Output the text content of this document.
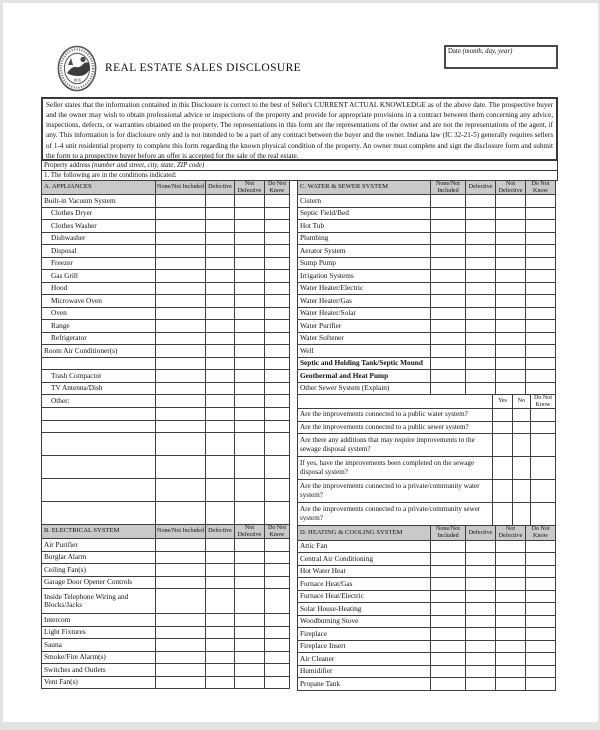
1816
REAL ESTATE SALES DISCLOSURE
Date (month, day, year)
Seller states that the information contained in this Disclosure is correct to the best of Seller's CURRENT ACTUAL KNOWLEDGE as of the above date. The prospective buyer and the owner may wish to obtain professional advice or inspections of the property and provide for appropriate provisions in a contract between them concerning any advice, inspections, defects, or warranties obtained on the property. The representations in this form are the representations of the owner and are not the representations of the agent, if any. This information is for disclosure only and is not intended to be a part of any contract between the buyer and the owner. Indiana law (IC 32-21-5) generally requires sellers of 1-4 unit residential property to complete this form regarding the known physical condition of the property. An owner must complete and sign the disclosure form and submit the form to a prospective buyer before an offer is accepted for the sale of the real estate.
Property address (number and street, city, state, ZIP code)
1. The following are in the conditions indicated:
A. APPLIANCES	None/Not Included	Defective	Not Defective	Do Not Know
Built-in Vacuum System				
Clothes Dryer				
Clothes Washer				
Dishwasher				
Disposal				
Freezer				
Gas Grill				
Hood				
Microwave Oven				
Oven				
Range				
Refrigerator				
Room Air Conditioner(s)				

Trash Compactor				
TV Antenna/Dish				
Other:				

B. ELECTRICAL SYSTEM	None/Not Included	Defective	Not Defective	Do Not Know
Air Purifier				
Burglar Alarm				
Ceiling Fan(s)				
Garage Door Opener Controls				
Inside Telephone Wiring and Blocks/Jacks				
Intercom				
Light Fixtures				
Sauna				
Smoke/Fire Alarm(s)				
Switches and Outlets				
Vent Fan(s)				
C. WATER & SEWER SYSTEM	None/Not Included	Defective	Not Defective	Do Not Know
Cistern				
Septic Field/Bed				
Hot Tub				
Plumbing				
Aerator System				
Sump Pump				
Irrigation Systems				
Water Heater/Electric				
Water Heater/Gas				
Water Heater/Solar				
Water Purifier				
Water Softener				
Well				
Septic and Holding Tank/Septic Mound				
Geothermal and Heat Pump				
Other Sewer System (Explain)				
	Yes	No	Do Not Know
Are the improvements connected to a public water system?			
Are the improvements connected to a public sewer system?			
Are there any additions that may require improvements to the sewage disposal system?			
If yes, have the improvements been completed on the sewage disposal system?			
Are the improvements connected to a private/community water system?			
Are the improvements connected to a private/community sewer system?			
D. HEATING & COOLING SYSTEM	None/Not Included	Defective	Not Defective	Do Not Know
Attic Fan				
Central Air Conditioning				
Hot Water Heat				
Furnace Heat/Gas				
Furnace Heat/Electric				
Solar House-Heating				
Woodburning Stove				
Fireplace				
Fireplace Insert				
Air Cleaner				
Humidifier				
Propane Tank				
